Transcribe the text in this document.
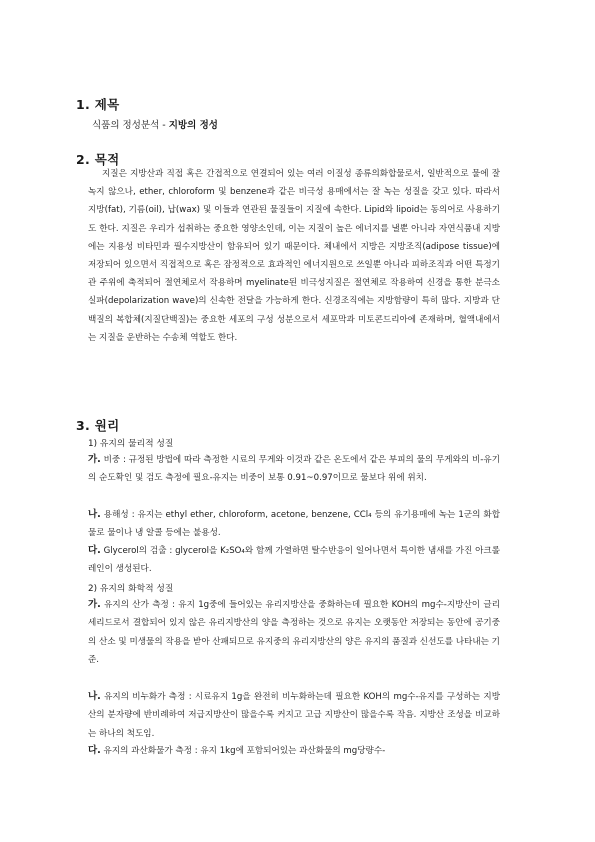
1. 제목
식품의 정성분석 - 지방의 정성
2. 목적
지질은 지방산과 직접 혹은 간접적으로 연결되어 있는 여러 이질성 종류의화합물로서, 일반적으로 물에 잘 녹지 않으나, ether, chloroform 및 benzene과 같은 비극성 용매에서는 잘 녹는 성질을 갖고 있다. 따라서 지방(fat), 기름(oil), 납(wax) 및 이들과 연관된 물질들이 지질에 속한다. Lipid와 lipoid는 동의어로 사용하기도 한다. 지질은 우리가 섭취하는 중요한 영양소인데, 이는 지질이 높은 에너지를 낼뿐 아니라 자연식품내 지방에는 지용성 비타민과 필수지방산이 함유되어 있기 때문이다. 체내에서 지방은 지방조직(adipose tissue)에 저장되어 있으면서 직접적으로 혹은 잠정적으로 효과적인 에너지원으로 쓰일뿐 아니라 피하조직과 어떤 특정기관 주위에 축적되어 절연체로서 작용하며 myelinate된 비극성지질은 절연체로 작용하여 신경을 통한 분극소실파(depolarization wave)의 신속한 전달을 가능하게 한다. 신경조직에는 지방함량이 특히 많다. 지방과 단백질의 복합체(지질단백질)는 중요한 세포의 구성 성분으로서 세포막과 미토콘드리아에 존재하며, 혈액내에서는 지질을 운반하는 수송체 역할도 한다.
3. 원리
1) 유지의 물리적 성질
가. 비중 : 규정된 방법에 따라 측정한 시료의 무게와 이것과 같은 온도에서 같은 부피의 물의 무게와의 비-유기의 순도확인 및 검도 측정에 필요-유지는 비중이 보통 0.91~0.97이므로 물보다 위에 위치.
나. 용해성 : 유지는 ethyl ether, chloroform, acetone, benzene, CCl₄ 등의 유기용매에 녹는 1군의 화합물로 물이나 냉 알콜 등에는 불용성.
다. Glycerol의 검출 : glycerol을 K₂SO₄와 함께 가열하면 탈수반응이 일어나면서 특이한 냄새를 가진 아크롤레인이 생성된다.
2) 유지의 화학적 성질
가. 유지의 산가 측정 : 유지 1g중에 들어있는 유리지방산을 중화하는데 필요한 KOH의 mg수-지방산이 글리세리드로서 결합되어 있지 않은 유리지방산의 양을 측정하는 것으로 유지는 오랫동안 저장되는 동안에 공기중의 산소 및 미생물의 작용을 받아 산패되므로 유지중의 유리지방산의 양은 유지의 품질과 신선도를 나타내는 기준.
나. 유지의 비누화가 측정 : 시료유지 1g을 완전히 비누화하는데 필요한 KOH의 mg수-유지를 구성하는 지방산의 분자량에 반비례하여 저급지방산이 많을수록 커지고 고급 지방산이 많을수록 작음. 지방산 조성을 비교하는 하나의 척도임.
다. 유지의 과산화물가 측정 : 유지 1kg에 포함되어있는 과산화물의 mg당량수-
